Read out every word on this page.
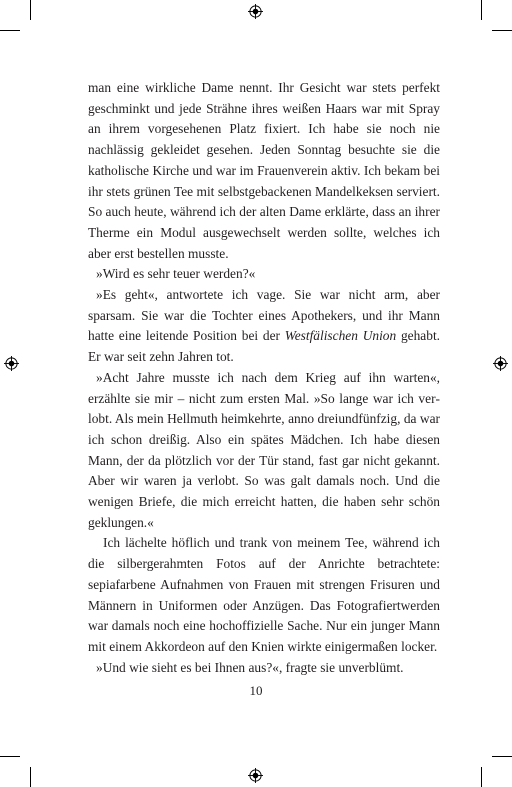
man eine wirkliche Dame nennt. Ihr Gesicht war stets perfekt geschminkt und jede Strähne ihres weißen Haars war mit Spray an ihrem vorgesehenen Platz fixiert. Ich habe sie noch nie nachlässig gekleidet gesehen. Jeden Sonntag besuchte sie die katholische Kirche und war im Frauenverein aktiv. Ich bekam bei ihr stets grünen Tee mit selbstgebackenen Mandelkeksen serviert. So auch heute, während ich der alten Dame erklärte, dass an ihrer Therme ein Modul ausgewechselt werden sollte, welches ich aber erst bestellen musste.

»Wird es sehr teuer werden?«

»Es geht«, antwortete ich vage. Sie war nicht arm, aber sparsam. Sie war die Tochter eines Apothekers, und ihr Mann hatte eine leitende Position bei der Westfälischen Union gehabt. Er war seit zehn Jahren tot.

»Acht Jahre musste ich nach dem Krieg auf ihn warten«, erzählte sie mir – nicht zum ersten Mal. »So lange war ich verlobt. Als mein Hellmuth heimkehrte, anno dreiundfünfzig, da war ich schon dreißig. Also ein spätes Mädchen. Ich habe diesen Mann, der da plötzlich vor der Tür stand, fast gar nicht gekannt. Aber wir waren ja verlobt. So was galt damals noch. Und die wenigen Briefe, die mich erreicht hatten, die haben sehr schön geklungen.«

Ich lächelte höflich und trank von meinem Tee, während ich die silbergerahmten Fotos auf der Anrichte betrachtete: sepiafarbene Aufnahmen von Frauen mit strengen Frisuren und Männern in Uniformen oder Anzügen. Das Fotografiertwerden war damals noch eine hochoffizielle Sache. Nur ein junger Mann mit einem Akkordeon auf den Knien wirkte einigermaßen locker.

»Und wie sieht es bei Ihnen aus?«, fragte sie unverblümt.

10
